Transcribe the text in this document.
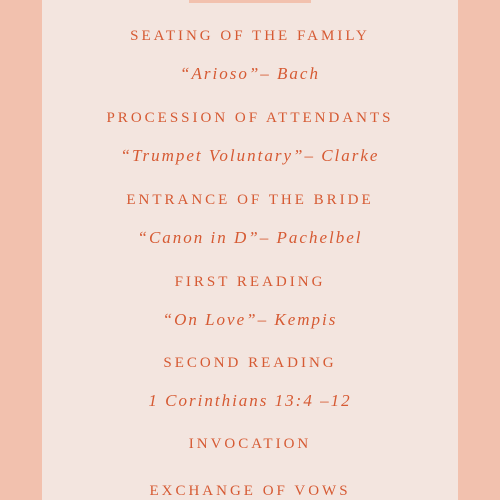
SEATING OF THE FAMILY
“Arioso”– Bach
PROCESSION OF ATTENDANTS
“Trumpet Voluntary”– Clarke
ENTRANCE OF THE BRIDE
“Canon in D”– Pachelbel
FIRST READING
“On Love”– Kempis
SECOND READING
1 Corinthians 13:4 –12
INVOCATION
EXCHANGE OF VOWS
